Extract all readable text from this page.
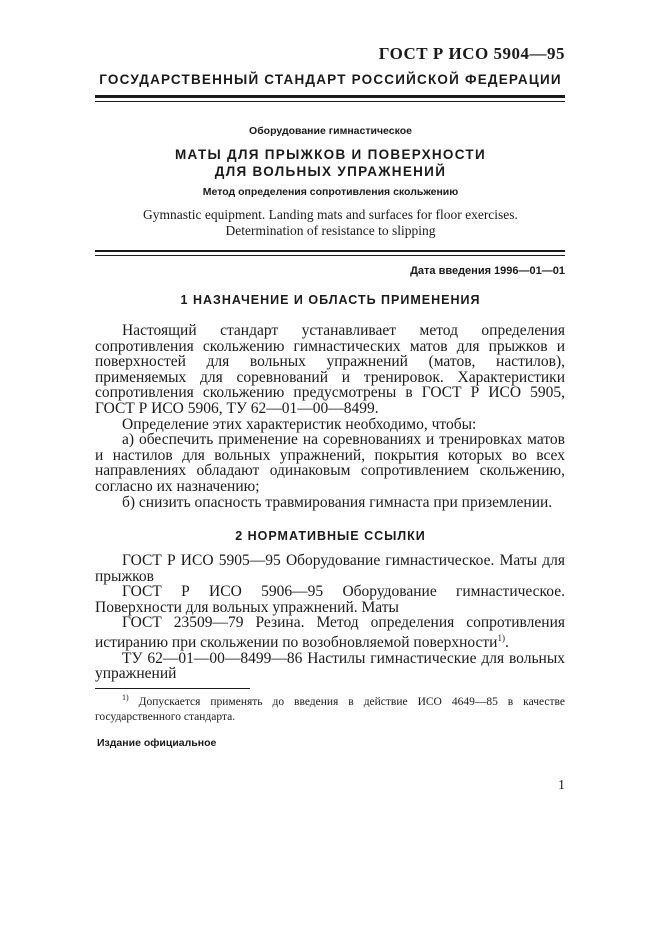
ГОСТ Р ИСО 5904—95
ГОСУДАРСТВЕННЫЙ СТАНДАРТ РОССИЙСКОЙ ФЕДЕРАЦИИ
Оборудование гимнастическое
МАТЫ ДЛЯ ПРЫЖКОВ И ПОВЕРХНОСТИ
ДЛЯ ВОЛЬНЫХ УПРАЖНЕНИЙ
Метод определения сопротивления скольжению
Gymnastic equipment. Landing mats and surfaces for floor exercises.
Determination of resistance to slipping
Дата введения 1996—01—01
1 НАЗНАЧЕНИЕ И ОБЛАСТЬ ПРИМЕНЕНИЯ

Настоящий стандарт устанавливает метод определения сопротивления скольжению гимнастических матов для прыжков и поверхностей для вольных упражнений (матов, настилов), применяемых для соревнований и тренировок. Характеристики сопротивления скольжению предусмотрены в ГОСТ Р ИСО 5905, ГОСТ Р ИСО 5906, ТУ 62—01—00—8499.

Определение этих характеристик необходимо, чтобы:

а) обеспечить применение на соревнованиях и тренировках матов и настилов для вольных упражнений, покрытия которых во всех направлениях обладают одинаковым сопротивлением скольжению, согласно их назначению;

б) снизить опасность травмирования гимнаста при приземлении.

2 НОРМАТИВНЫЕ ССЫЛКИ

ГОСТ Р ИСО 5905—95 Оборудование гимнастическое. Маты для прыжков

ГОСТ Р ИСО 5906—95 Оборудование гимнастическое. Поверхности для вольных упражнений. Маты

ГОСТ 23509—79 Резина. Метод определения сопротивления истиранию при скольжении по возобновляемой поверхности$^{1)}$.

ТУ 62—01—00—8499—86 Настилы гимнастические для вольных упражнений

$^{1)}$ Допускается применять до введения в действие ИСО 4649—85 в качестве государственного стандарта.

Издание официальное
1
